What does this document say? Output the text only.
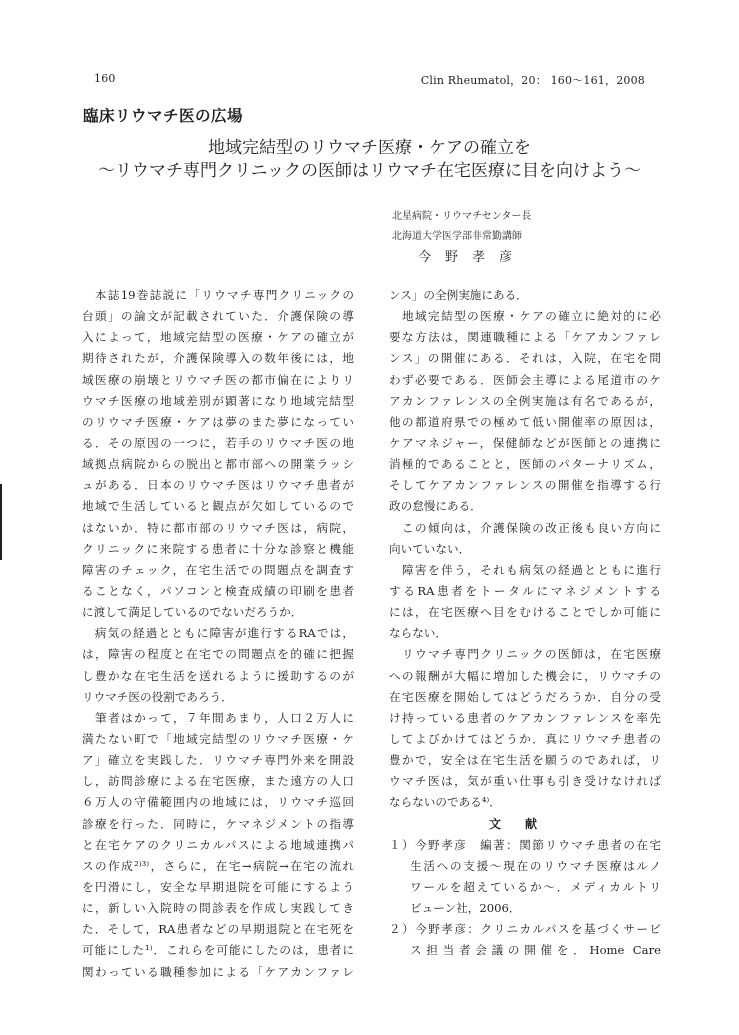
160	Clin Rheumatol，20： 160〜161，2008
臨床リウマチ医の広場
地域完結型のリウマチ医療・ケアの確立を
〜リウマチ専門クリニックの医師はリウマチ在宅医療に目を向けよう〜
北星病院・リウマチセンター長
北海道大学医学部非常勤講師
今野孝彦
　本誌19巻誌説に「リウマチ専門クリニックの
台頭」の論文が記載されていた．介護保険の導
入によって，地域完結型の医療・ケアの確立が
期待されたが，介護保険導入の数年後には，地
域医療の崩壊とリウマチ医の都市偏在によりリ
ウマチ医療の地域差別が顕著になり地域完結型
のリウマチ医療・ケアは夢のまた夢になってい
る．その原因の一つに，若手のリウマチ医の地
域拠点病院からの脱出と都市部への開業ラッシ
ュがある．日本のリウマチ医はリウマチ患者が
地域で生活していると観点が欠如しているので
はないか．特に都市部のリウマチ医は，病院，
クリニックに来院する患者に十分な診察と機能
障害のチェック，在宅生活での問題点を調査す
ることなく，パソコンと検査成績の印刷を患者
に渡して満足しているのでないだろうか．
　病気の経過とともに障害が進行するRAでは，
は，障害の程度と在宅での問題点を的確に把握
し豊かな在宅生活を送れるように援助するのが
リウマチ医の役割であろう．
　筆者はかって，７年間あまり，人口２万人に
満たない町で「地域完結型のリウマチ医療・ケ
ア」確立を実践した．リウマチ専門外来を開設
し，訪問診療による在宅医療，また遠方の人口
６万人の守備範囲内の地域には，リウマチ巡回
診療を行った．同時に，ケマネジメントの指導
と在宅ケアのクリニカルパスによる地域連携パ
スの作成²⁾³⁾，さらに，在宅→病院→在宅の流れ
を円滑にし，安全な早期退院を可能にするよう
に，新しい入院時の問診表を作成し実践してき
た．そして，RA患者などの早期退院と在宅死を
可能にした¹⁾．これらを可能にしたのは，患者に
関わっている職種参加による「ケアカンファレ
ンス」の全例実施にある．
　地域完結型の医療・ケアの確立に絶対的に必
要な方法は，関連職種による「ケアカンファレ
ンス」の開催にある．それは，入院，在宅を問
わず必要である．医師会主導による尾道市のケ
アカンファレンスの全例実施は有名であるが，
他の都道府県での極めて低い開催率の原因は，
ケアマネジャー，保健師などが医師との連携に
消極的であることと，医師のパターナリズム，
そしてケアカンファレンスの開催を指導する行
政の怠慢にある．
　この傾向は，介護保険の改正後も良い方向に
向いていない．
　障害を伴う，それも病気の経過とともに進行
するRA患者をトータルにマネジメントする
には，在宅医療へ目をむけることでしか可能に
ならない．
　リウマチ専門クリニックの医師は，在宅医療
への報酬が大幅に増加した機会に，リウマチの
在宅医療を開始してはどうだろうか．自分の受
け持っている患者のケアカンファレンスを率先
してよびかけてはどうか．真にリウマチ患者の
豊かで，安全は在宅生活を願うのであれば，リ
ウマチ医は，気が重い仕事も引き受けなければ
ならないのである⁴⁾．
文献
１）今野孝彦　編著：関節リウマチ患者の在宅
生活への支援〜現在のリウマチ医療はルノ
ワールを超えているか〜．メディカルトリ
ビューン社，2006．
２）今野孝彦：クリニカルパスを基づくサービ
ス担当者会議の開催を．Home Care
